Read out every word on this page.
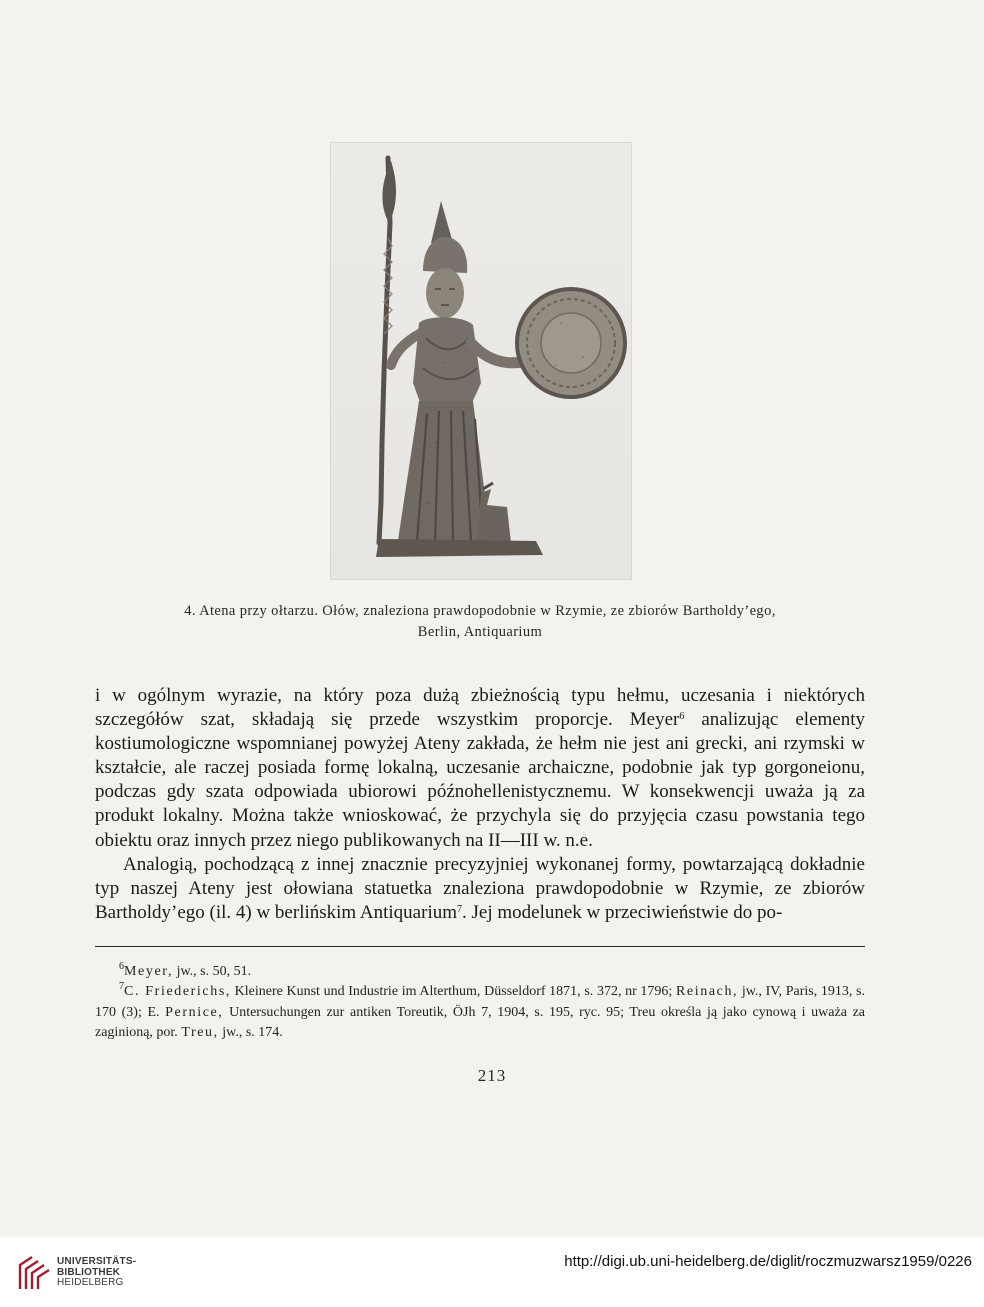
4. Atena przy ołtarzu. Ołów, znaleziona prawdopodobnie w Rzymie, ze zbiorów Bartholdy’ego,
Berlin, Antiquarium
i w ogólnym wyrazie, na który poza dużą zbieżnością typu hełmu, uczesania i niektórych szczegółów szat, składają się przede wszystkim proporcje. Meyer$^6$ analizując elementy kostiumologiczne wspomnianej powyżej Ateny zakłada, że hełm nie jest ani grecki, ani rzymski w kształcie, ale raczej posiada formę lokalną, uczesanie archaiczne, podobnie jak typ gorgoneionu, podczas gdy szata odpowiada ubiorowi późnohellenistycznemu. W konsekwencji uważa ją za produkt lokalny. Można także wnioskować, że przychyla się do przyjęcia czasu powstania tego obiektu oraz innych przez niego publikowanych na II—III w. n.e.
Analogią, pochodzącą z innej znacznie precyzyjniej wykonanej formy, powtarzającą dokładnie typ naszej Ateny jest ołowiana statuetka znaleziona prawdopodobnie w Rzymie, ze zbiorów Bartholdy’ego (il. 4) w berlińskim Antiquarium$^7$. Jej modelunek w przeciwieństwie do po-
$^6$Meyer, jw., s. 50, 51.
$^7$C. Friederichs, Kleinere Kunst und Industrie im Alterthum, Düsseldorf 1871, s. 372, nr 1796; Reinach, jw., IV, Paris, 1913, s. 170 (3); E. Pernice, Untersuchungen zur antiken Toreutik, ÖJh 7, 1904, s. 195, ryc. 95; Treu określa ją jako cynową i uważa za zaginioną, por. Treu, jw., s. 174.
213
UNIVERSITÄTS-
BIBLIOTHEK
HEIDELBERG
http://digi.ub.uni-heidelberg.de/diglit/roczmuzwarsz1959/0226
